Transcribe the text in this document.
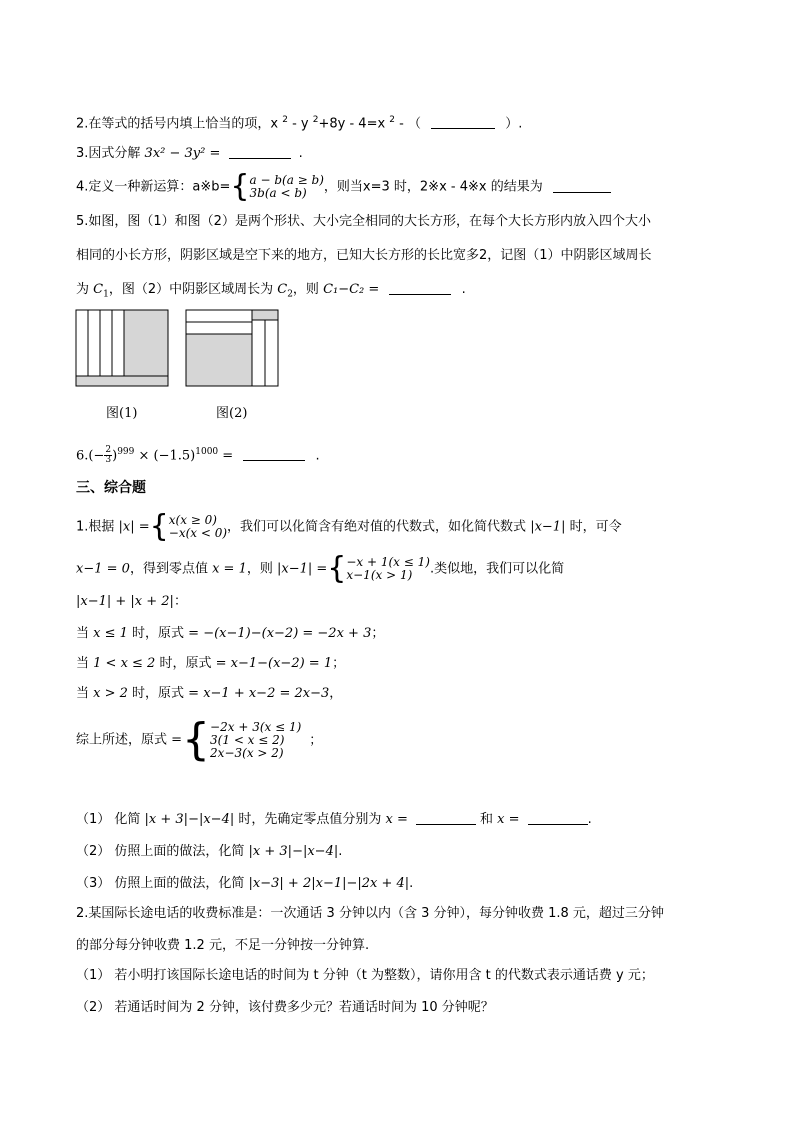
2.在等式的括号内填上恰当的项，x $^2$ - y $^2$+8y - 4=x $^2$ - （	）.
3.因式分解 3x² − 3y² =	.
4.定义一种新运算：a※b= { a − b(a ≥ b)
3b(a < b)	，则当x=3 时，2※x - 4※x 的结果为
5.如图，图（1）和图（2）是两个形状、大小完全相同的大长方形，在每个大长方形内放入四个大小
相同的小长方形，阴影区域是空下来的地方，已知大长方形的长比宽多2，记图（1）中阴影区域周长
为 $C_1$，图（2）中阴影区域周长为 $C_2$，则 C₁−C₂ =	.
图(1)	图(2)
$6.(- \frac{2}{3} )^{999} \times (-1.5)^{1000}$ =	.
三、综合题
1.根据 |x| = { x(x ≥ 0)
−x(x < 0) ，我们可以化简含有绝对值的代数式，如化简代数式 |x−1| 时，可令
x−1 = 0，得到零点值 x = 1，则 |x−1| = { −x + 1(x ≤ 1)
x−1(x > 1)	.类似地，我们可以化简
|x−1| + |x + 2|：
当 x ≤ 1 时，原式 = −(x−1)−(x−2) = −2x + 3；
当 1 < x ≤ 2 时，原式 = x−1−(x−2) = 1；
当 x > 2 时，原式 = x−1 + x−2 = 2x−3，
综上所述，原式 = { −2x + 3(x ≤ 1)
3(1 < x ≤ 2)
2x−3(x > 2)
；
（1） 化简 |x + 3|−|x−4| 时，先确定零点值分别为 x =	和 x =	.
（2） 仿照上面的做法，化简 |x + 3|−|x−4|.
（3） 仿照上面的做法，化简 |x−3| + 2|x−1|−|2x + 4|.
2.某国际长途电话的收费标准是：一次通话 3 分钟以内（含 3 分钟），每分钟收费 1.8 元，超过三分钟
的部分每分钟收费 1.2 元，不足一分钟按一分钟算.
（1） 若小明打该国际长途电话的时间为 t 分钟（t 为整数），请你用含 t 的代数式表示通话费 y 元；
（2） 若通话时间为 2 分钟，该付费多少元？若通话时间为 10 分钟呢？
